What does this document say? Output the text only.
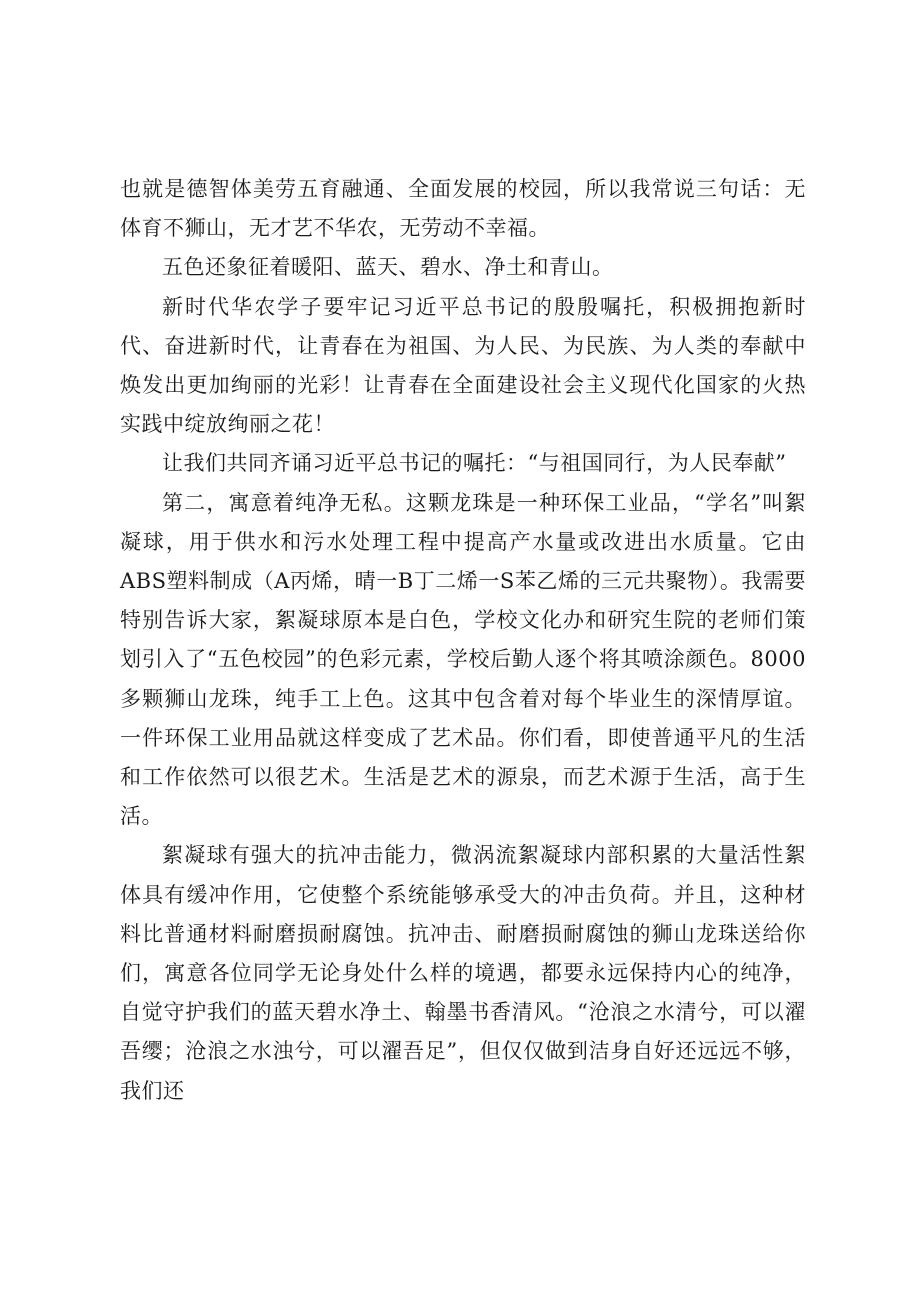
也就是德智体美劳五育融通、全面发展的校园，所以我常说三句话：无体育不狮山，无才艺不华农，无劳动不幸福。

五色还象征着暖阳、蓝天、碧水、净土和青山。

新时代华农学子要牢记习近平总书记的殷殷嘱托，积极拥抱新时代、奋进新时代，让青春在为祖国、为人民、为民族、为人类的奉献中焕发出更加绚丽的光彩！让青春在全面建设社会主义现代化国家的火热实践中绽放绚丽之花！

让我们共同齐诵习近平总书记的嘱托：“与祖国同行，为人民奉献”

第二，寓意着纯净无私。这颗龙珠是一种环保工业品，“学名”叫絮凝球，用于供水和污水处理工程中提高产水量或改进出水质量。它由ABS塑料制成（A丙烯，晴一B丁二烯一S苯乙烯的三元共聚物）。我需要特别告诉大家，絮凝球原本是白色，学校文化办和研究生院的老师们策划引入了“五色校园”的色彩元素，学校后勤人逐个将其喷涂颜色。8000多颗狮山龙珠，纯手工上色。这其中包含着对每个毕业生的深情厚谊。一件环保工业用品就这样变成了艺术品。你们看，即使普通平凡的生活和工作依然可以很艺术。生活是艺术的源泉，而艺术源于生活，高于生活。

絮凝球有强大的抗冲击能力，微涡流絮凝球内部积累的大量活性絮体具有缓冲作用，它使整个系统能够承受大的冲击负荷。并且，这种材料比普通材料耐磨损耐腐蚀。抗冲击、耐磨损耐腐蚀的狮山龙珠送给你们，寓意各位同学无论身处什么样的境遇，都要永远保持内心的纯净，自觉守护我们的蓝天碧水净土、翰墨书香清风。“沧浪之水清兮，可以濯吾缨；沧浪之水浊兮，可以濯吾足”，但仅仅做到洁身自好还远远不够，我们还
